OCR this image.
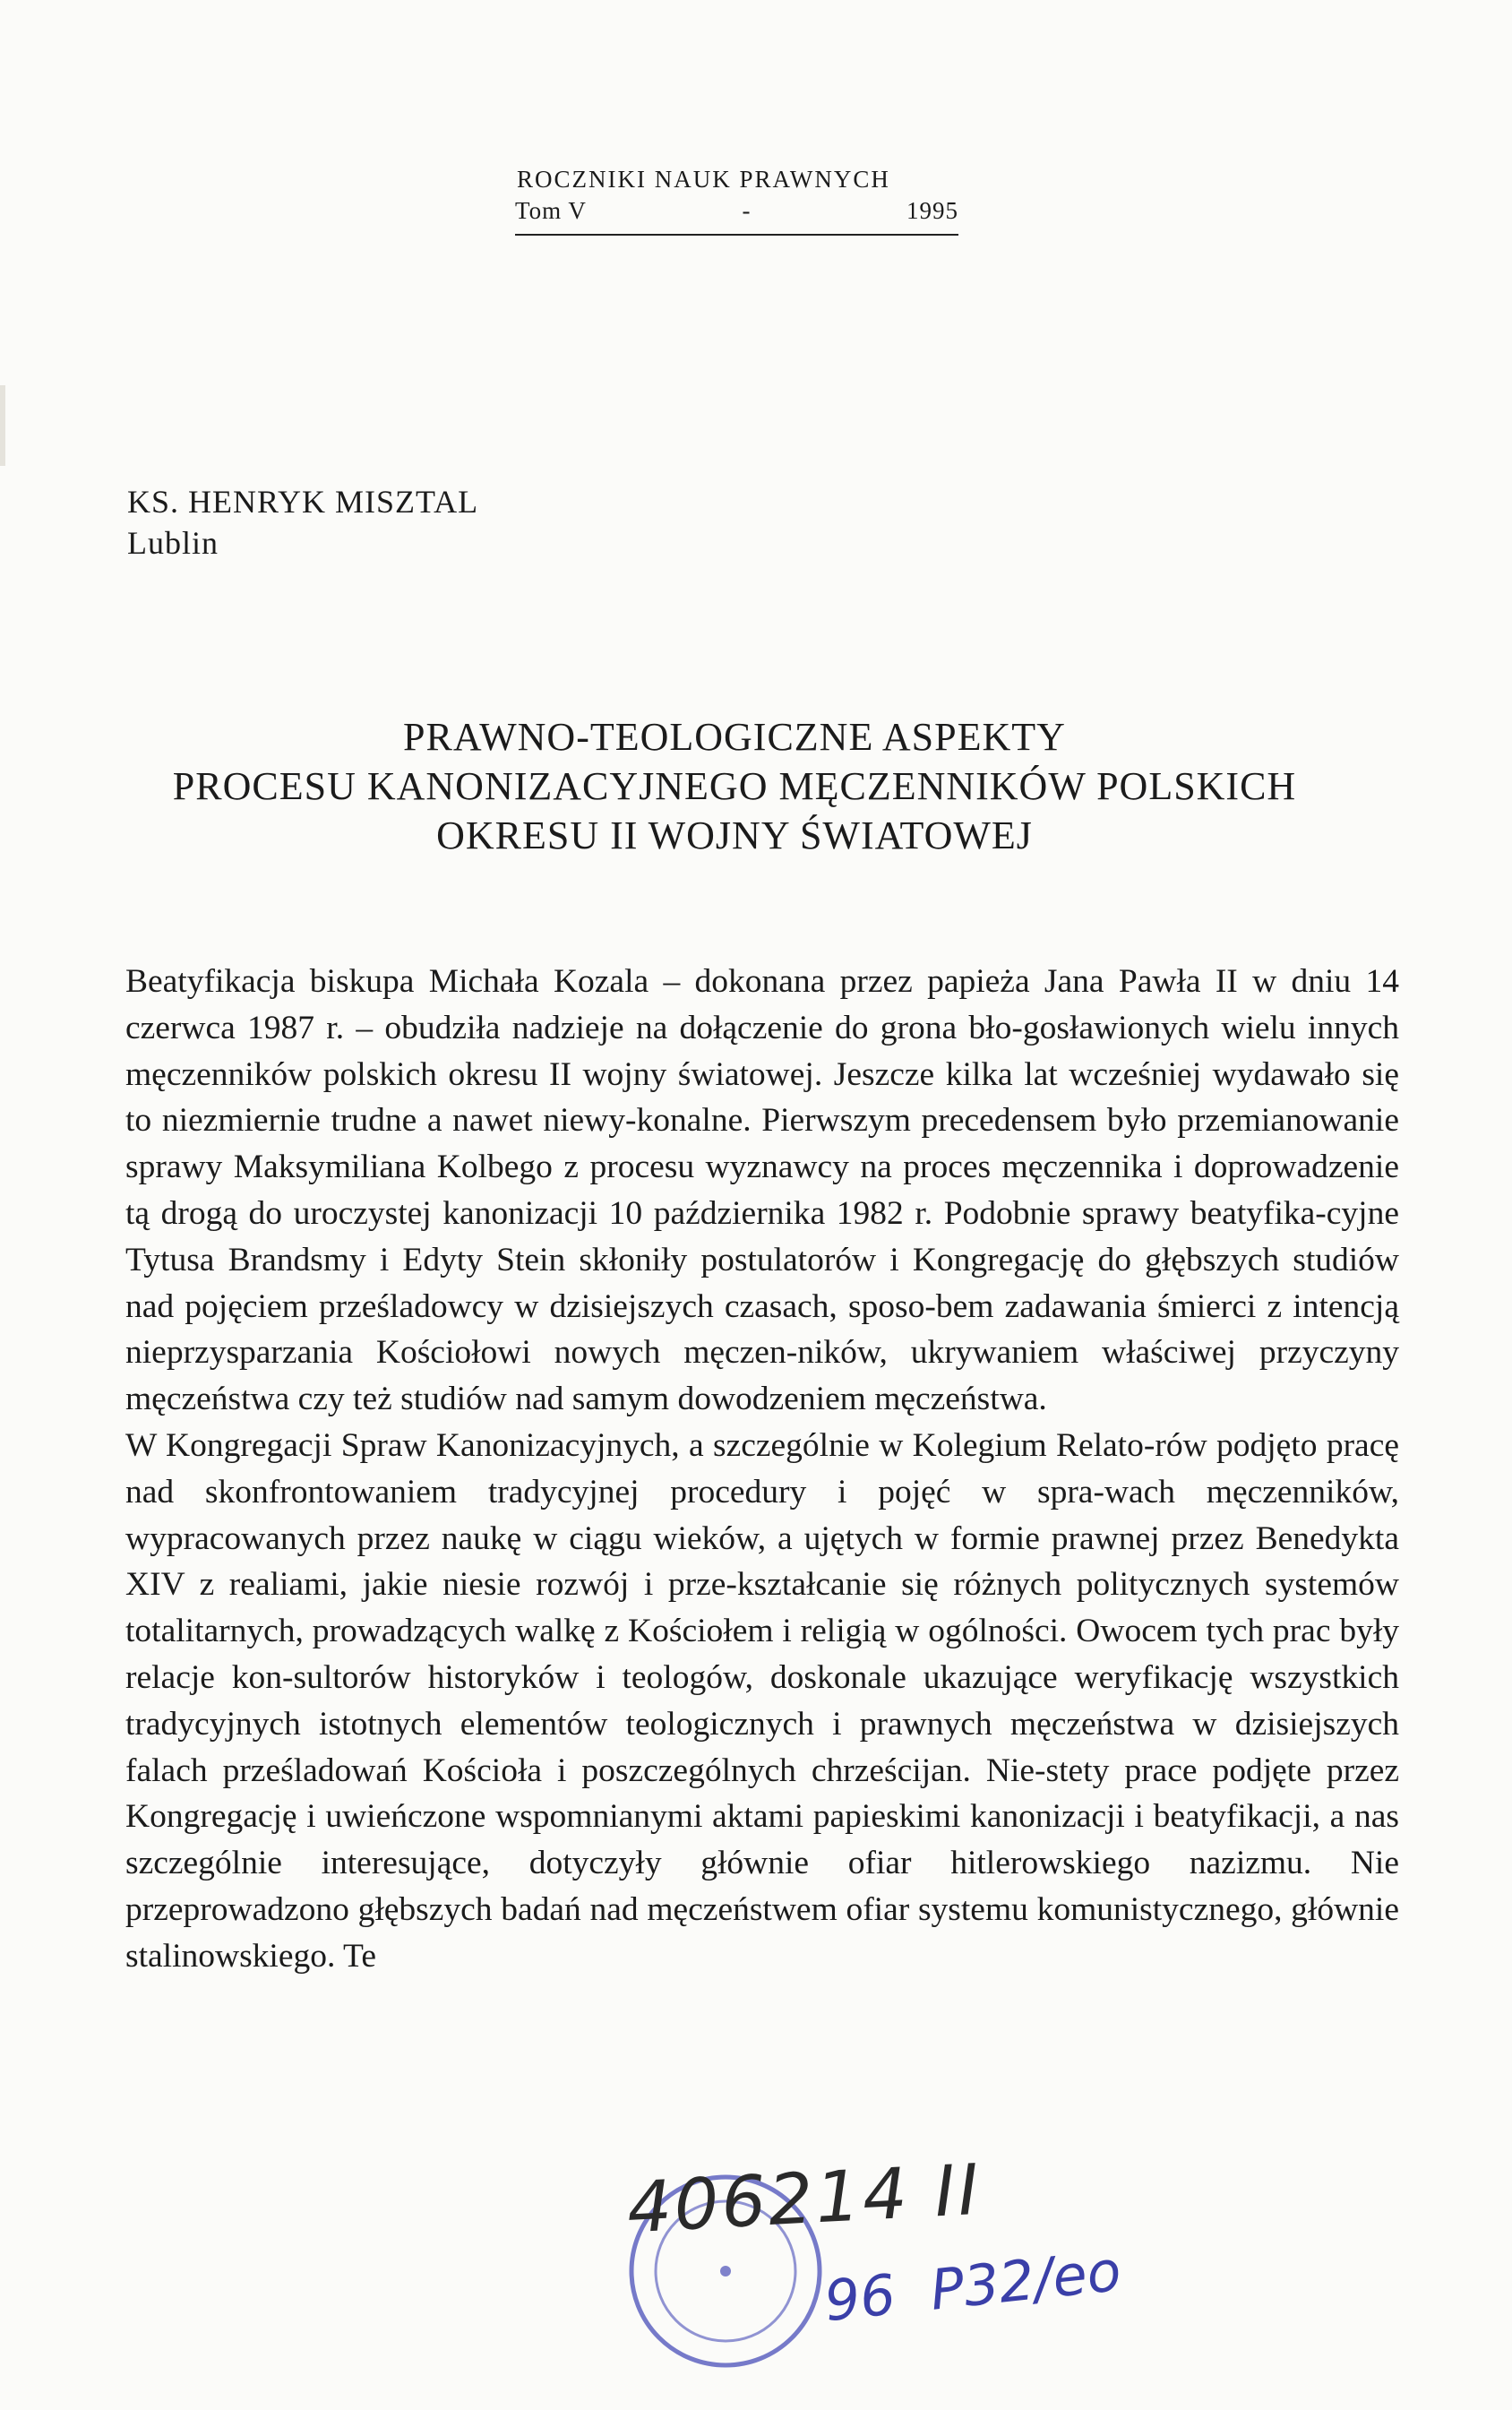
ROCZNIKI NAUK PRAWNYCH
Tom V	-	1995
KS. HENRYK MISZTAL
Lublin
PRAWNO-TEOLOGICZNE ASPEKTY
PROCESU KANONIZACYJNEGO MĘCZENNIKÓW POLSKICH
OKRESU II WOJNY ŚWIATOWEJ

Beatyfikacja biskupa Michała Kozala – dokonana przez papieża Jana Pawła II w dniu 14 czerwca 1987 r. – obudziła nadzieje na dołączenie do grona bło-gosławionych wielu innych męczenników polskich okresu II wojny światowej. Jeszcze kilka lat wcześniej wydawało się to niezmiernie trudne a nawet niewy-konalne. Pierwszym precedensem było przemianowanie sprawy Maksymiliana Kolbego z procesu wyznawcy na proces męczennika i doprowadzenie tą drogą do uroczystej kanonizacji 10 października 1982 r. Podobnie sprawy beatyfika-cyjne Tytusa Brandsmy i Edyty Stein skłoniły postulatorów i Kongregację do głębszych studiów nad pojęciem prześladowcy w dzisiejszych czasach, sposo-bem zadawania śmierci z intencją nieprzysparzania Kościołowi nowych męczen-ników, ukrywaniem właściwej przyczyny męczeństwa czy też studiów nad samym dowodzeniem męczeństwa.

W Kongregacji Spraw Kanonizacyjnych, a szczególnie w Kolegium Relato-rów podjęto pracę nad skonfrontowaniem tradycyjnej procedury i pojęć w spra-wach męczenników, wypracowanych przez naukę w ciągu wieków, a ujętych w formie prawnej przez Benedykta XIV z realiami, jakie niesie rozwój i prze-kształcanie się różnych politycznych systemów totalitarnych, prowadzących walkę z Kościołem i religią w ogólności. Owocem tych prac były relacje kon-sultorów historyków i teologów, doskonale ukazujące weryfikację wszystkich tradycyjnych istotnych elementów teologicznych i prawnych męczeństwa w dzisiejszych falach prześladowań Kościoła i poszczególnych chrześcijan. Nie-stety prace podjęte przez Kongregację i uwieńczone wspomnianymi aktami papieskimi kanonizacji i beatyfikacji, a nas szczególnie interesujące, dotyczyły głównie ofiar hitlerowskiego nazizmu. Nie przeprowadzono głębszych badań nad męczeństwem ofiar systemu komunistycznego, głównie stalinowskiego. Te

406214 II
96 P32/eo
